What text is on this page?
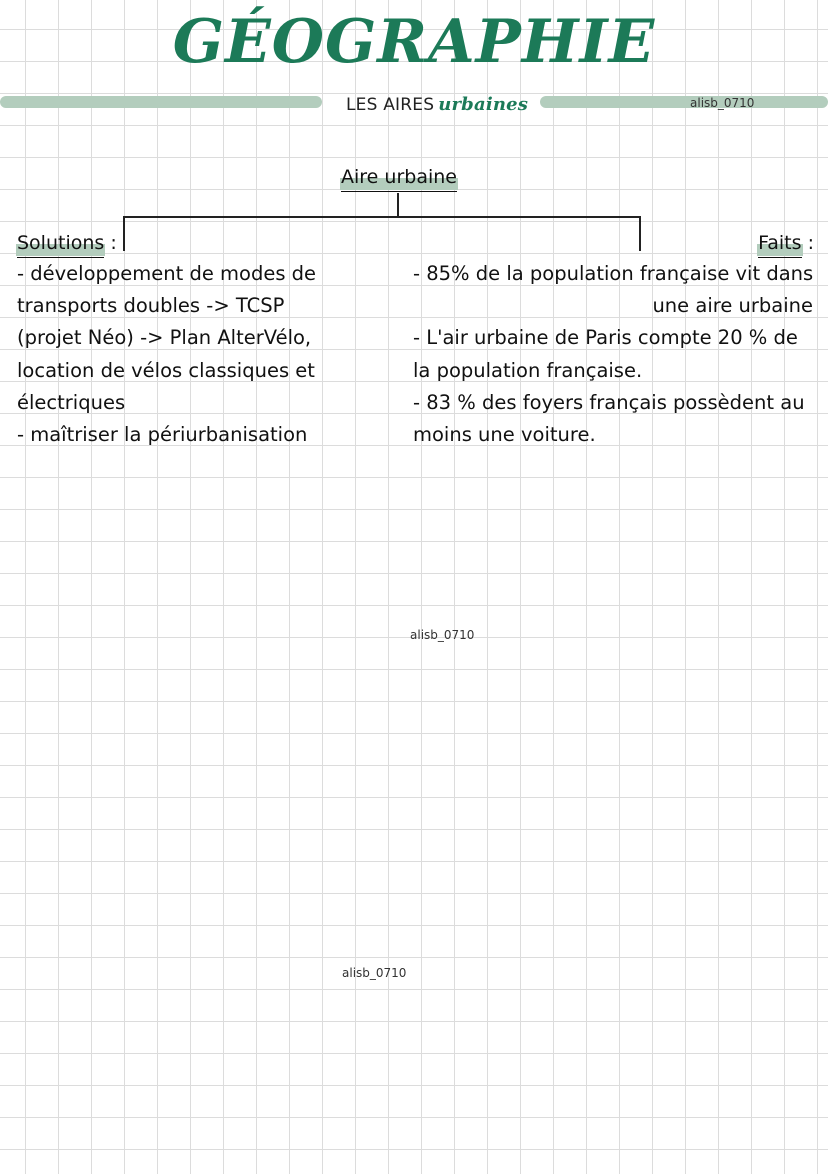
GÉOGRAPHIE
LES AIRES urbaines	alisb_0710
Aire urbaine
Solutions :
- développement de modes de
transports doubles -> TCSP
(projet Néo) -> Plan AlterVélo,
location de vélos classiques et
électriques
- maîtriser la périurbanisation
Faits :
- 85% de la population française vit dans
une aire urbaine
- L'air urbaine de Paris compte 20 % de
la population française.
- 83 % des foyers français possèdent au
moins une voiture.
alisb_0710
alisb_0710
